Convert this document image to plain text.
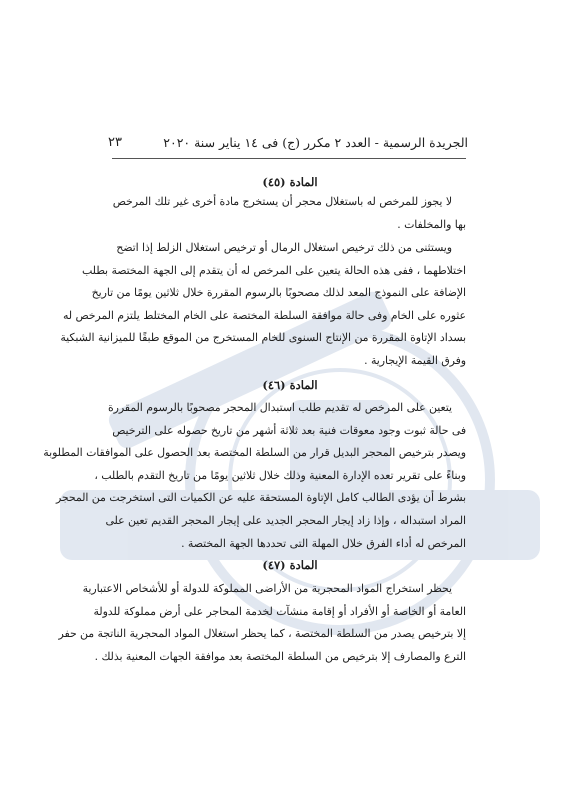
الجريدة الرسمية - العدد ٢ مكرر (ج) فى ١٤ يناير سنة ٢٠٢٠
٢٣
المادة (٤٥)

لا يجوز للمرخص له باستغلال محجر أن يستخرج مادة أخرى غير تلك المرخص

بها والمخلفات .

ويستثنى من ذلك ترخيص استغلال الرمال أو ترخيص استغلال الزلط إذا اتضح

اختلاطهما ، ففى هذه الحالة يتعين على المرخص له أن يتقدم إلى الجهة المختصة بطلب

الإضافة على النموذج المعد لذلك مصحوبًا بالرسوم المقررة خلال ثلاثين يومًا من تاريخ

عثوره على الخام وفى حالة موافقة السلطة المختصة على الخام المختلط يلتزم المرخص له

بسداد الإتاوة المقررة من الإنتاج السنوى للخام المستخرج من الموقع طبقًا للميزانية الشبكية

وفرق القيمة الإيجارية .

المادة (٤٦)

يتعين على المرخص له تقديم طلب استبدال المحجر مصحوبًا بالرسوم المقررة

فى حالة ثبوت وجود معوقات فنية بعد ثلاثة أشهر من تاريخ حصوله على الترخيص

ويصدر بترخيص المحجر البديل قرار من السلطة المختصة بعد الحصول على الموافقات المطلوبة

وبناءً على تقرير تعده الإدارة المعنية وذلك خلال ثلاثين يومًا من تاريخ التقدم بالطلب ،

بشرط أن يؤدى الطالب كامل الإتاوة المستحقة عليه عن الكميات التى استخرجت من المحجر

المراد استبداله ، وإذا زاد إيجار المحجر الجديد على إيجار المحجر القديم تعين على

المرخص له أداء الفرق خلال المهلة التى تحددها الجهة المختصة .

المادة (٤٧)

يحظر استخراج المواد المحجرية من الأراضى المملوكة للدولة أو للأشخاص الاعتبارية

العامة أو الخاصة أو الأفراد أو إقامة منشآت لخدمة المحاجر على أرض مملوكة للدولة

إلا بترخيص يصدر من السلطة المختصة ، كما يحظر استغلال المواد المحجرية الناتجة من حفر

الترع والمصارف إلا بترخيص من السلطة المختصة بعد موافقة الجهات المعنية بذلك .
